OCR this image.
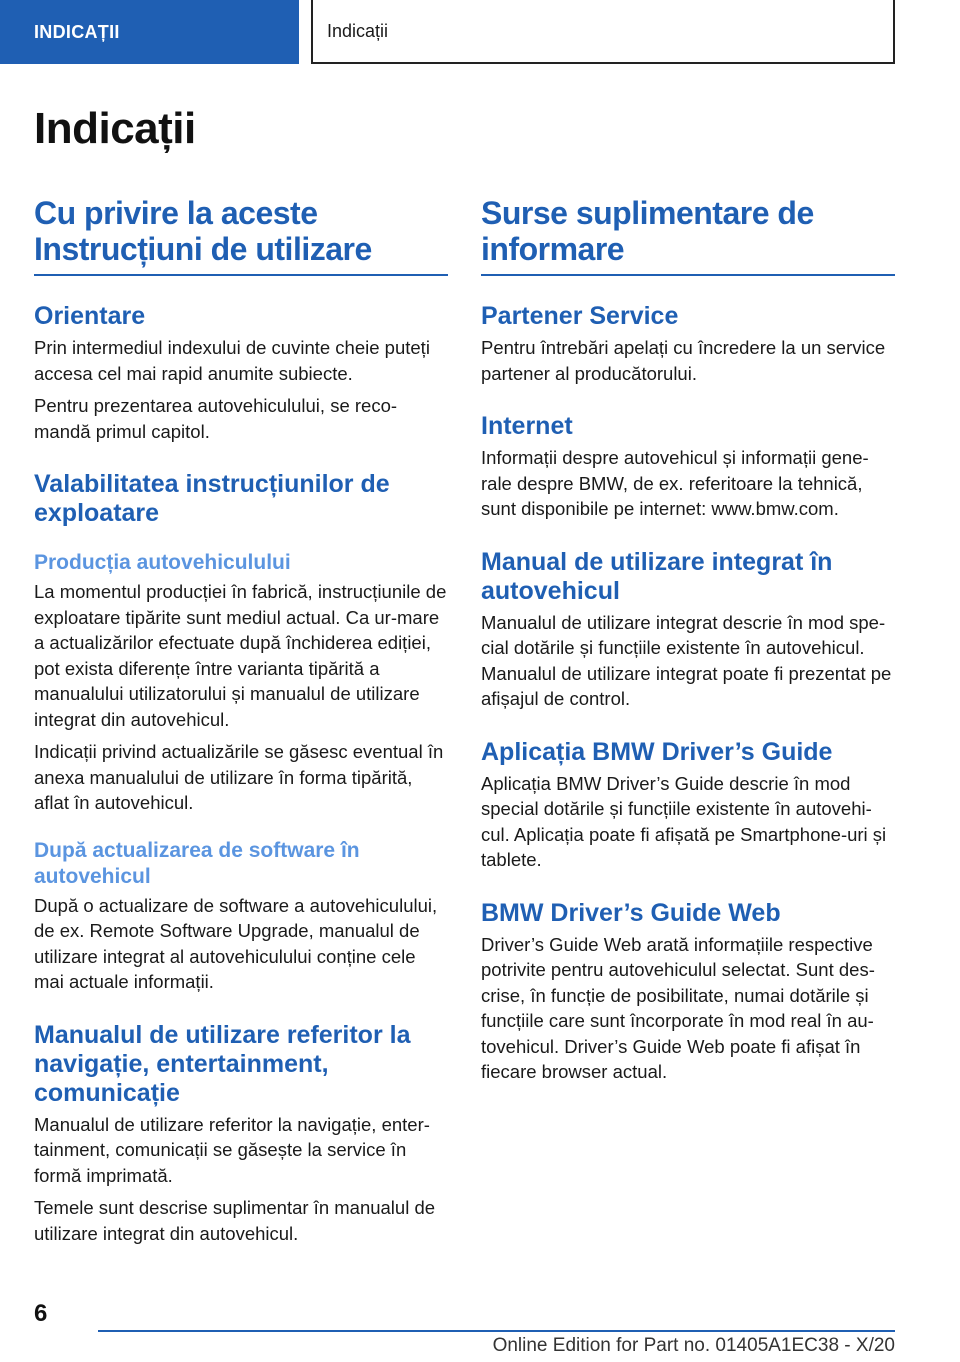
INDICAȚII	Indicații
Indicații
Cu privire la aceste Instrucțiuni de utilizare
Orientare

Prin intermediul indexului de cuvinte cheie puteți accesa cel mai rapid anumite subiecte.

Pentru prezentarea autovehiculului, se reco-mandă primul capitol.

Valabilitatea instrucțiunilor de exploatare
Producția autovehiculului

La momentul producției în fabrică, instrucțiunile de exploatare tipărite sunt mediul actual. Ca ur-mare a actualizărilor efectuate după închiderea ediției, pot exista diferențe între varianta tipărită a manualului utilizatorului și manualul de utilizare integrat din autovehicul.

Indicații privind actualizările se găsesc eventual în anexa manualului de utilizare în forma tipărită, aflat în autovehicul.

După actualizarea de software în autovehicul

După o actualizare de software a autovehiculului, de ex. Remote Software Upgrade, manualul de utilizare integrat al autovehiculului conține cele mai actuale informații.

Manualul de utilizare referitor la navigație, entertainment, comunicație

Manualul de utilizare referitor la navigație, enter-tainment, comunicații se găsește la service în formă imprimată.

Temele sunt descrise suplimentar în manualul de utilizare integrat din autovehicul.

Surse suplimentare de informare
Partener Service

Pentru întrebări apelați cu încredere la un service partener al producătorului.

Internet

Informații despre autovehicul și informații gene-rale despre BMW, de ex. referitoare la tehnică, sunt disponibile pe internet: www.bmw.com.

Manual de utilizare integrat în autovehicul

Manualul de utilizare integrat descrie în mod spe-cial dotările și funcțiile existente în autovehicul. Manualul de utilizare integrat poate fi prezentat pe afișajul de control.

Aplicația BMW Driver’s Guide

Aplicația BMW Driver’s Guide descrie în mod special dotările și funcțiile existente în autovehi-cul. Aplicația poate fi afișată pe Smartphone-uri și tablete.

BMW Driver’s Guide Web

Driver’s Guide Web arată informațiile respective potrivite pentru autovehiculul selectat. Sunt des-crise, în funcție de posibilitate, numai dotările și funcțiile care sunt încorporate în mod real în au-tovehicul. Driver’s Guide Web poate fi afișat în fiecare browser actual.

6
Online Edition for Part no. 01405A1EC38 - X/20
